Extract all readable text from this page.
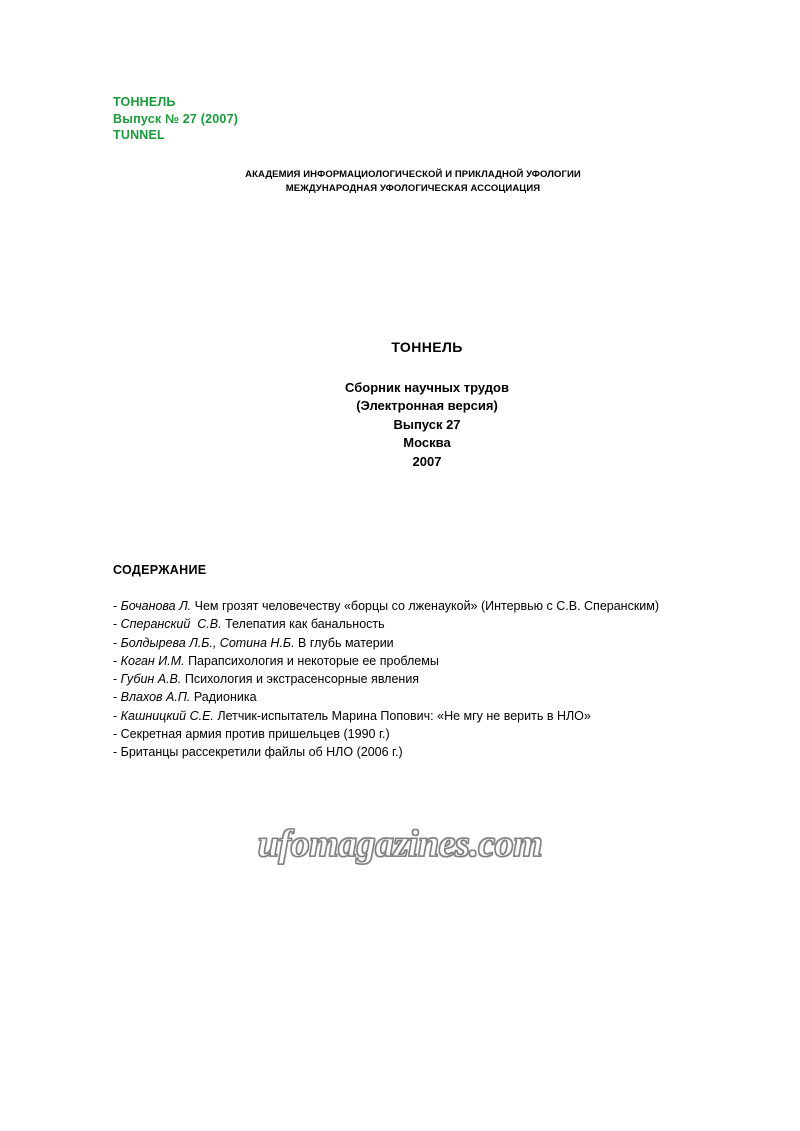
ТОННЕЛЬ
Выпуск № 27 (2007)
TUNNEL
АКАДЕМИЯ ИНФОРМАЦИОЛОГИЧЕСКОЙ И ПРИКЛАДНОЙ УФОЛОГИИ
МЕЖДУНАРОДНАЯ УФОЛОГИЧЕСКАЯ АССОЦИАЦИЯ
ТОННЕЛЬ
Сборник научных трудов
(Электронная версия)
Выпуск 27
Москва
2007
СОДЕРЖАНИЕ
- Бочанова Л. Чем грозят человечеству «борцы со лженаукой» (Интервью с С.В. Сперанским)
- Сперанский  С.В. Телепатия как банальность
- Болдырева Л.Б., Сотина Н.Б. В глубь материи
- Коган И.М. Парапсихология и некоторые ее проблемы
- Губин А.В. Психология и экстрасенсорные явления
- Влахов А.П. Радионика
- Кашницкий С.Е. Летчик-испытатель Марина Попович: «Не мгу не верить в НЛО»
- Секретная армия против пришельцев (1990 г.)
- Британцы рассекретили файлы об НЛО (2006 г.)
ufomagazines.com
